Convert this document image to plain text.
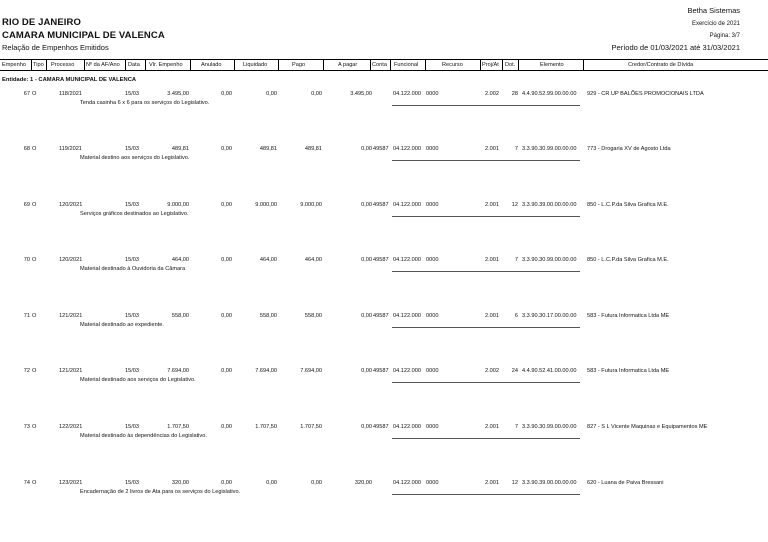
Betha Sistemas
RIO DE JANEIRO	Exercício de 2021
CAMARA MUNICIPAL DE VALENCA	Página: 3/7
Relação de Empenhos Emitidos	Período de 01/03/2021 até 31/03/2021
Empenho Tipo Processo Nº da AF/Ano Data Vlr. Empenho	Anulado	Liquidado	Pago	A pagar	Conta Funcional	Recurso	Proj/At Dot.	Elemento	Credor/Contrato de Dívida
Entidade: 1 - CAMARA MUNICIPAL DE VALENCA
67 O	118/2021	15/03	3.495,00	0,00	0,00	0,00	3.495,00	04.122.000 0000	2.002	28 4.4.90.52.99.00.00.00	929 - CR UP BALÕES PROMOCIONAIS LTDA
Tenda casinha 6 x 6 para os serviços do Legislativo.
68 O	119/2021	15/03	489,81	0,00	489,81	489,81	0,00 49587 04.122.000 0000	2.001	7 3.3.90.30.99.00.00.00	773 - Drogaria XV de Agosto Ltda
Material destino aos serviços do Legislativo.
69 O	120/2021	15/03	9.000,00	0,00	9.000,00	9.000,00	0,00 49587 04.122.000 0000	2.001	12 3.3.90.39.00.00.00.00	850 - L.C.P.da Silva Grafica M.E.
Serviços gráficos destinados ao Legislativo.
70 O	120/2021	15/03	464,00	0,00	464,00	464,00	0,00 49587 04.122.000 0000	2.001	7 3.3.90.30.99.00.00.00	850 - L.C.P.da Silva Grafica M.E.
Material destinado à Ouvidoria da Câmara
71 O	121/2021	15/03	558,00	0,00	558,00	558,00	0,00 49587 04.122.000 0000	2.001	6 3.3.90.30.17.00.00.00	583 - Futura Informatica Ltda ME
Material destinado ao expediente.
72 O	121/2021	15/03	7.694,00	0,00	7.694,00	7.694,00	0,00 49587 04.122.000 0000	2.002	24 4.4.90.52.41.00.00.00	583 - Futura Informatica Ltda ME
Material destinado aos serviços do Legislativo.
73 O	122/2021	15/03	1.707,50	0,00	1.707,50	1.707,50	0,00 49587 04.122.000 0000	2.001	7 3.3.90.30.99.00.00.00	827 - S L Vicente Maquinas e Equipamentos ME
Material destinado às dependências do Legislativo.
74 O	123/2021	15/03	320,00	0,00	0,00	0,00	320,00	04.122.000 0000	2.001	12 3.3.90.39.00.00.00.00	620 - Luana de Paiva Bressani
Encadernação de 2 livros de Ata para os serviços do Legislativo.
